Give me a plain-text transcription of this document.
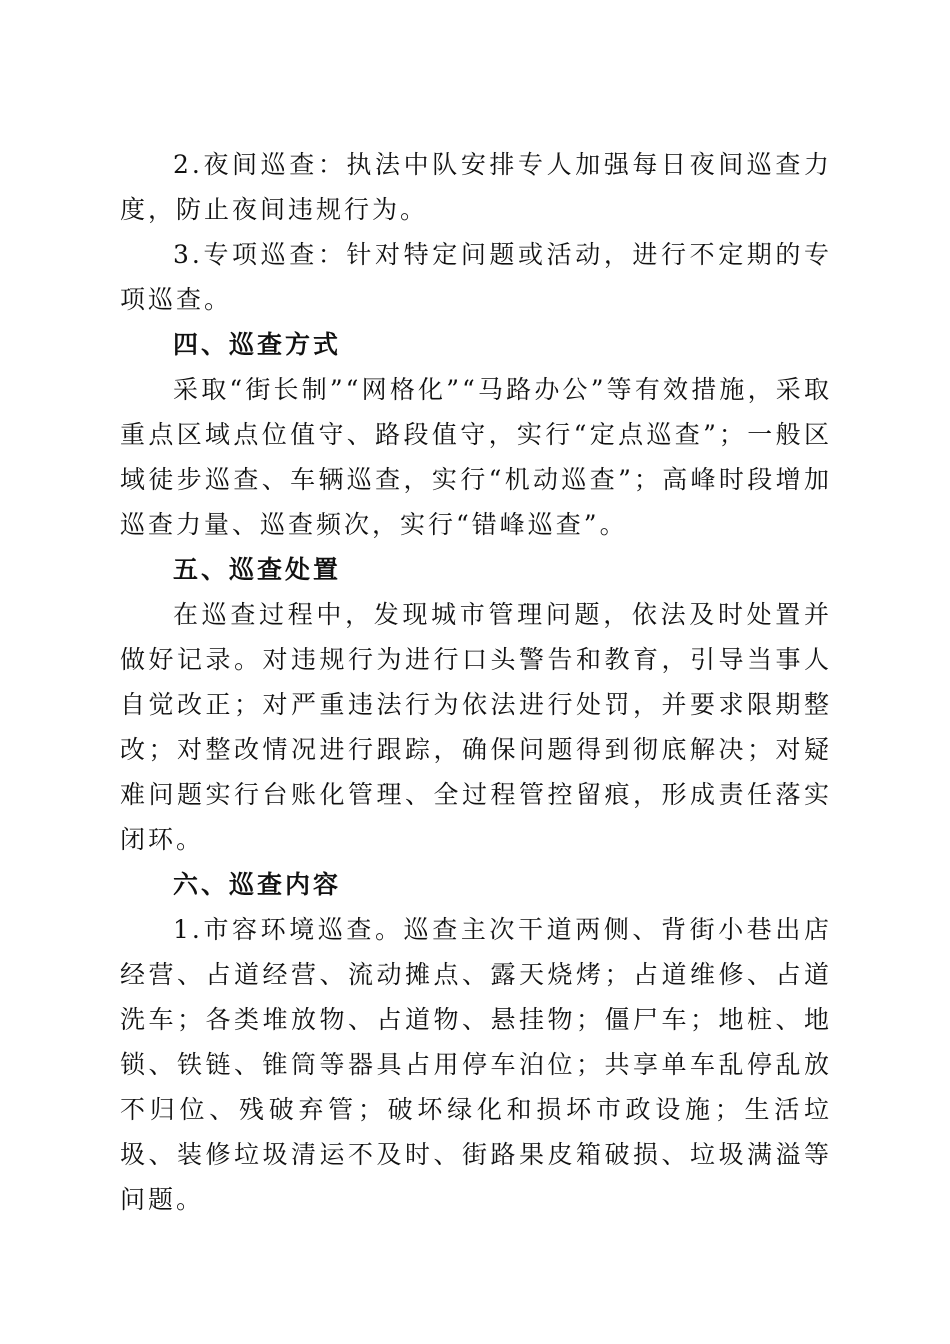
2.夜间巡查：执法中队安排专人加强每日夜间巡查力度，防止夜间违规行为。

3.专项巡查：针对特定问题或活动，进行不定期的专项巡查。

四、巡查方式

采取“街长制”“网格化”“马路办公”等有效措施，采取重点区域点位值守、路段值守，实行“定点巡查”；一般区域徒步巡查、车辆巡查，实行“机动巡查”；高峰时段增加巡查力量、巡查频次，实行“错峰巡查”。

五、巡查处置

在巡查过程中，发现城市管理问题，依法及时处置并做好记录。对违规行为进行口头警告和教育，引导当事人自觉改正；对严重违法行为依法进行处罚，并要求限期整改；对整改情况进行跟踪，确保问题得到彻底解决；对疑难问题实行台账化管理、全过程管控留痕，形成责任落实闭环。

六、巡查内容

1.市容环境巡查。巡查主次干道两侧、背街小巷出店经营、占道经营、流动摊点、露天烧烤；占道维修、占道洗车；各类堆放物、占道物、悬挂物；僵尸车；地桩、地锁、铁链、锥筒等器具占用停车泊位；共享单车乱停乱放不归位、残破弃管；破坏绿化和损坏市政设施；生活垃圾、装修垃圾清运不及时、街路果皮箱破损、垃圾满溢等问题。
